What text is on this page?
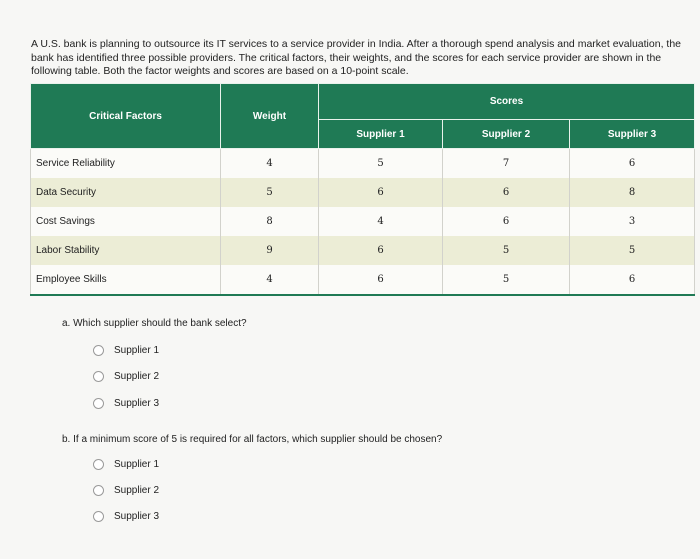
A U.S. bank is planning to outsource its IT services to a service provider in India. After a thorough spend analysis and market evaluation, the bank has identified three possible providers. The critical factors, their weights, and the scores for each service provider are shown in the following table. Both the factor weights and scores are based on a 10-point scale.
Critical Factors	Weight	Scores		
		Supplier 1	Supplier 2	Supplier 3
Service Reliability	4	5	7	6
Data Security	5	6	6	8
Cost Savings	8	4	6	3
Labor Stability	9	6	5	5
Employee Skills	4	6	5	6
a. Which supplier should the bank select?
Supplier 1
Supplier 2
Supplier 3
b. If a minimum score of 5 is required for all factors, which supplier should be chosen?
Supplier 1
Supplier 2
Supplier 3
